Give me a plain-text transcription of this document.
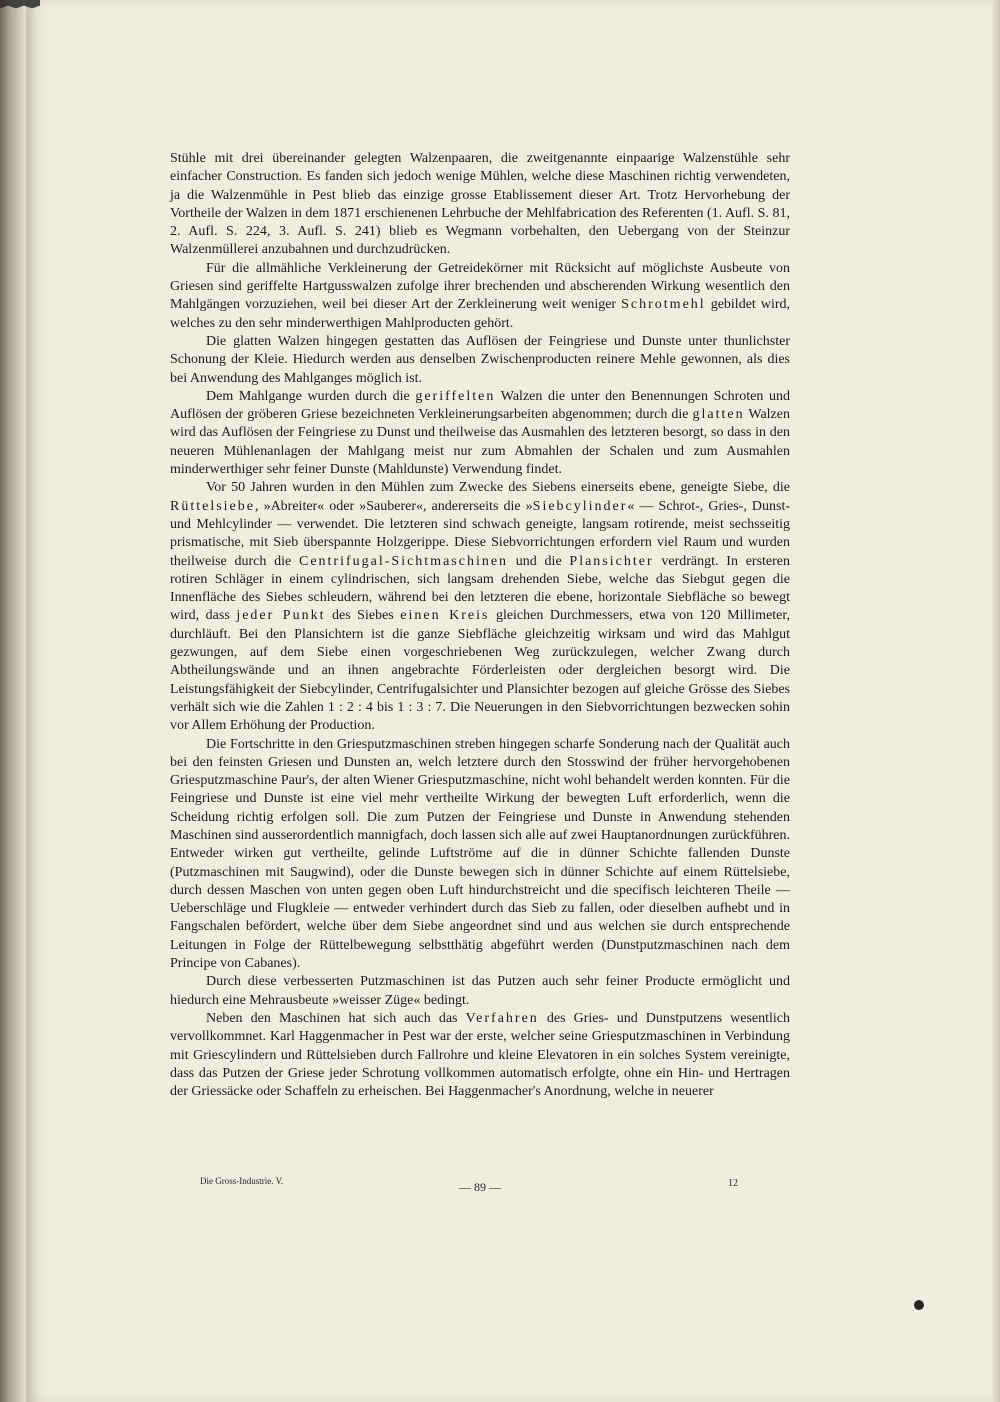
Stühle mit drei übereinander gelegten Walzenpaaren, die zweitgenannte einpaarige Walzenstühle sehr einfacher Construction. Es fanden sich jedoch wenige Mühlen, welche diese Maschinen richtig verwendeten, ja die Walzenmühle in Pest blieb das einzige grosse Etablissement dieser Art. Trotz Hervorhebung der Vortheile der Walzen in dem 1871 erschienenen Lehrbuche der Mehlfabrication des Referenten (1. Aufl. S. 81, 2. Aufl. S. 224, 3. Aufl. S. 241) blieb es Wegmann vorbehalten, den Uebergang von der Steinzur Walzenmüllerei anzubahnen und durchzudrücken.

Für die allmähliche Verkleinerung der Getreidekörner mit Rücksicht auf möglichste Ausbeute von Griesen sind geriffelte Hartgusswalzen zufolge ihrer brechenden und abscherenden Wirkung wesentlich den Mahlgängen vorzuziehen, weil bei dieser Art der Zerkleinerung weit weniger Schrotmehl gebildet wird, welches zu den sehr minderwerthigen Mahlproducten gehört.

Die glatten Walzen hingegen gestatten das Auflösen der Feingriese und Dunste unter thunlichster Schonung der Kleie. Hiedurch werden aus denselben Zwischenproducten reinere Mehle gewonnen, als dies bei Anwendung des Mahlganges möglich ist.

Dem Mahlgange wurden durch die geriffelten Walzen die unter den Benennungen Schroten und Auflösen der gröberen Griese bezeichneten Verkleinerungsarbeiten abgenommen; durch die glatten Walzen wird das Auflösen der Feingriese zu Dunst und theilweise das Ausmahlen des letzteren besorgt, so dass in den neueren Mühlenanlagen der Mahlgang meist nur zum Abmahlen der Schalen und zum Ausmahlen minderwerthiger sehr feiner Dunste (Mahldunste) Verwendung findet.

Vor 50 Jahren wurden in den Mühlen zum Zwecke des Siebens einerseits ebene, geneigte Siebe, die Rüttelsiebe, »Abreiter« oder »Sauberer«, andererseits die »Siebcylinder« — Schrot-, Gries-, Dunst- und Mehlcylinder — verwendet. Die letzteren sind schwach geneigte, langsam rotirende, meist sechsseitig prismatische, mit Sieb überspannte Holzgerippe. Diese Siebvorrichtungen erfordern viel Raum und wurden theilweise durch die Centrifugal-Sichtmaschinen und die Plansichter verdrängt. In ersteren rotiren Schläger in einem cylindrischen, sich langsam drehenden Siebe, welche das Siebgut gegen die Innenfläche des Siebes schleudern, während bei den letzteren die ebene, horizontale Siebfläche so bewegt wird, dass jeder Punkt des Siebes einen Kreis gleichen Durchmessers, etwa von 120 Millimeter, durchläuft. Bei den Plansichtern ist die ganze Siebfläche gleichzeitig wirksam und wird das Mahlgut gezwungen, auf dem Siebe einen vorgeschriebenen Weg zurückzulegen, welcher Zwang durch Abtheilungswände und an ihnen angebrachte Förderleisten oder dergleichen besorgt wird. Die Leistungsfähigkeit der Siebcylinder, Centrifugalsichter und Plansichter bezogen auf gleiche Grösse des Siebes verhält sich wie die Zahlen 1 : 2 : 4 bis 1 : 3 : 7. Die Neuerungen in den Siebvorrichtungen bezwecken sohin vor Allem Erhöhung der Production.

Die Fortschritte in den Griesputzmaschinen streben hingegen scharfe Sonderung nach der Qualität auch bei den feinsten Griesen und Dunsten an, welch letztere durch den Stosswind der früher hervorgehobenen Griesputzmaschine Paur's, der alten Wiener Griesputzmaschine, nicht wohl behandelt werden konnten. Für die Feingriese und Dunste ist eine viel mehr vertheilte Wirkung der bewegten Luft erforderlich, wenn die Scheidung richtig erfolgen soll. Die zum Putzen der Feingriese und Dunste in Anwendung stehenden Maschinen sind ausserordentlich mannigfach, doch lassen sich alle auf zwei Hauptanordnungen zurückführen. Entweder wirken gut vertheilte, gelinde Luftströme auf die in dünner Schichte fallenden Dunste (Putzmaschinen mit Saugwind), oder die Dunste bewegen sich in dünner Schichte auf einem Rüttelsiebe, durch dessen Maschen von unten gegen oben Luft hindurchstreicht und die specifisch leichteren Theile — Ueberschläge und Flugkleie — entweder verhindert durch das Sieb zu fallen, oder dieselben aufhebt und in Fangschalen befördert, welche über dem Siebe angeordnet sind und aus welchen sie durch entsprechende Leitungen in Folge der Rüttelbewegung selbstthätig abgeführt werden (Dunstputzmaschinen nach dem Principe von Cabanes).

Durch diese verbesserten Putzmaschinen ist das Putzen auch sehr feiner Producte ermöglicht und hiedurch eine Mehrausbeute »weisser Züge« bedingt.

Neben den Maschinen hat sich auch das Verfahren des Gries- und Dunstputzens wesentlich vervollkommnet. Karl Haggenmacher in Pest war der erste, welcher seine Griesputzmaschinen in Verbindung mit Griescylindern und Rüttelsieben durch Fallrohre und kleine Elevatoren in ein solches System vereinigte, dass das Putzen der Griese jeder Schrotung vollkommen automatisch erfolgte, ohne ein Hin- und Hertragen der Griessäcke oder Schaffeln zu erheischen. Bei Haggenmacher's Anordnung, welche in neuerer

Die Gross-Industrie. V.	— 89 —	12
